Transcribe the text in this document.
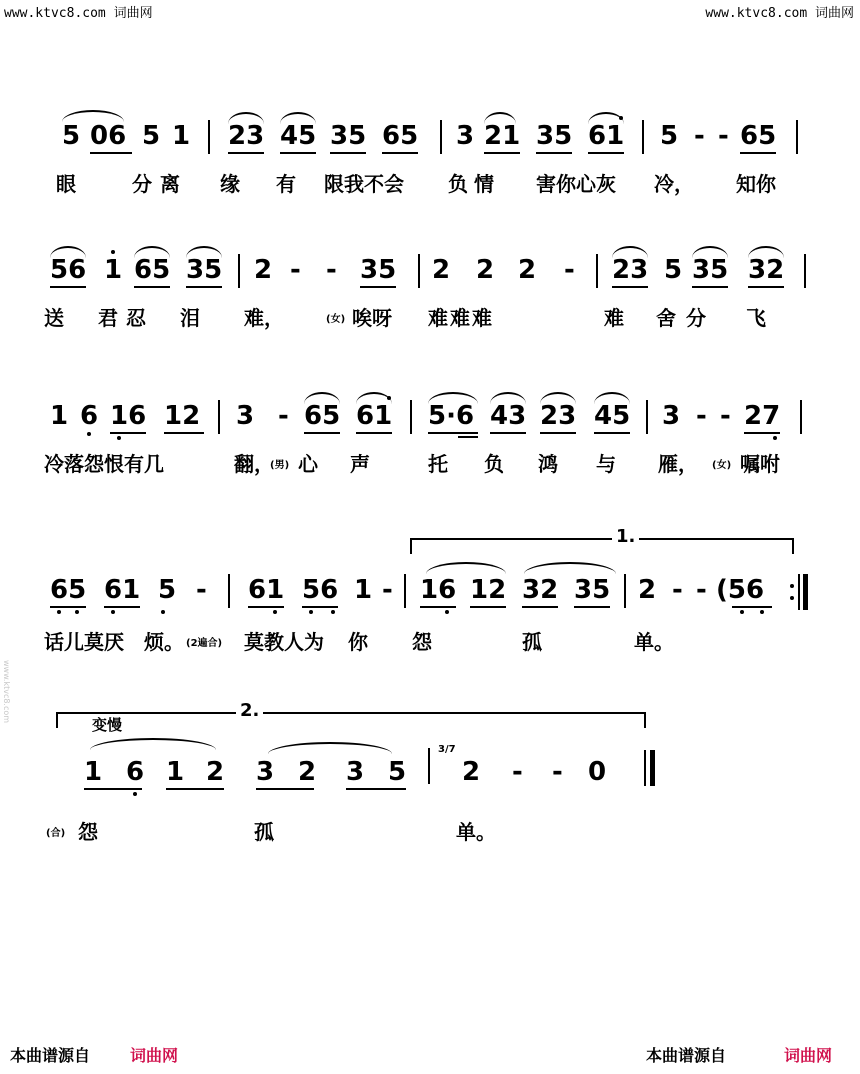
www.ktvc8.com 词曲网	www.ktvc8.com 词曲网
www.ktvc8.com
5 06 5 1 23 45 35 65 3 21 35 61 5 - - 65
眼	分离 缘 有 限我不会 负情 害你心灰 冷， 知你
56 1 65 35 2 - - 35 2 2 2 - 23 5 35 32
送 君忍 泪 难，	(女) 唉呀 难难难	难 舍分 飞
1 6 16 12 3 - 65 61 5·6 43 23 45 3 - - 27
冷落怨恨有几	翻，
(男) 心 声	托 负 鸿 与 雁， (女) 嘱咐
1.
65 61 5 - 61 56 1 - 16 12 32 35 2 - - (56
话儿莫厌 烦。 (2遍合) 莫教人为 你 怨	孤	单。
2.
变慢
1 6 1 2 3 2 3 5
3/7
2 - - 0
(合) 怨	孤	单。
本曲谱源自	词曲网	本曲谱源自	词曲网
